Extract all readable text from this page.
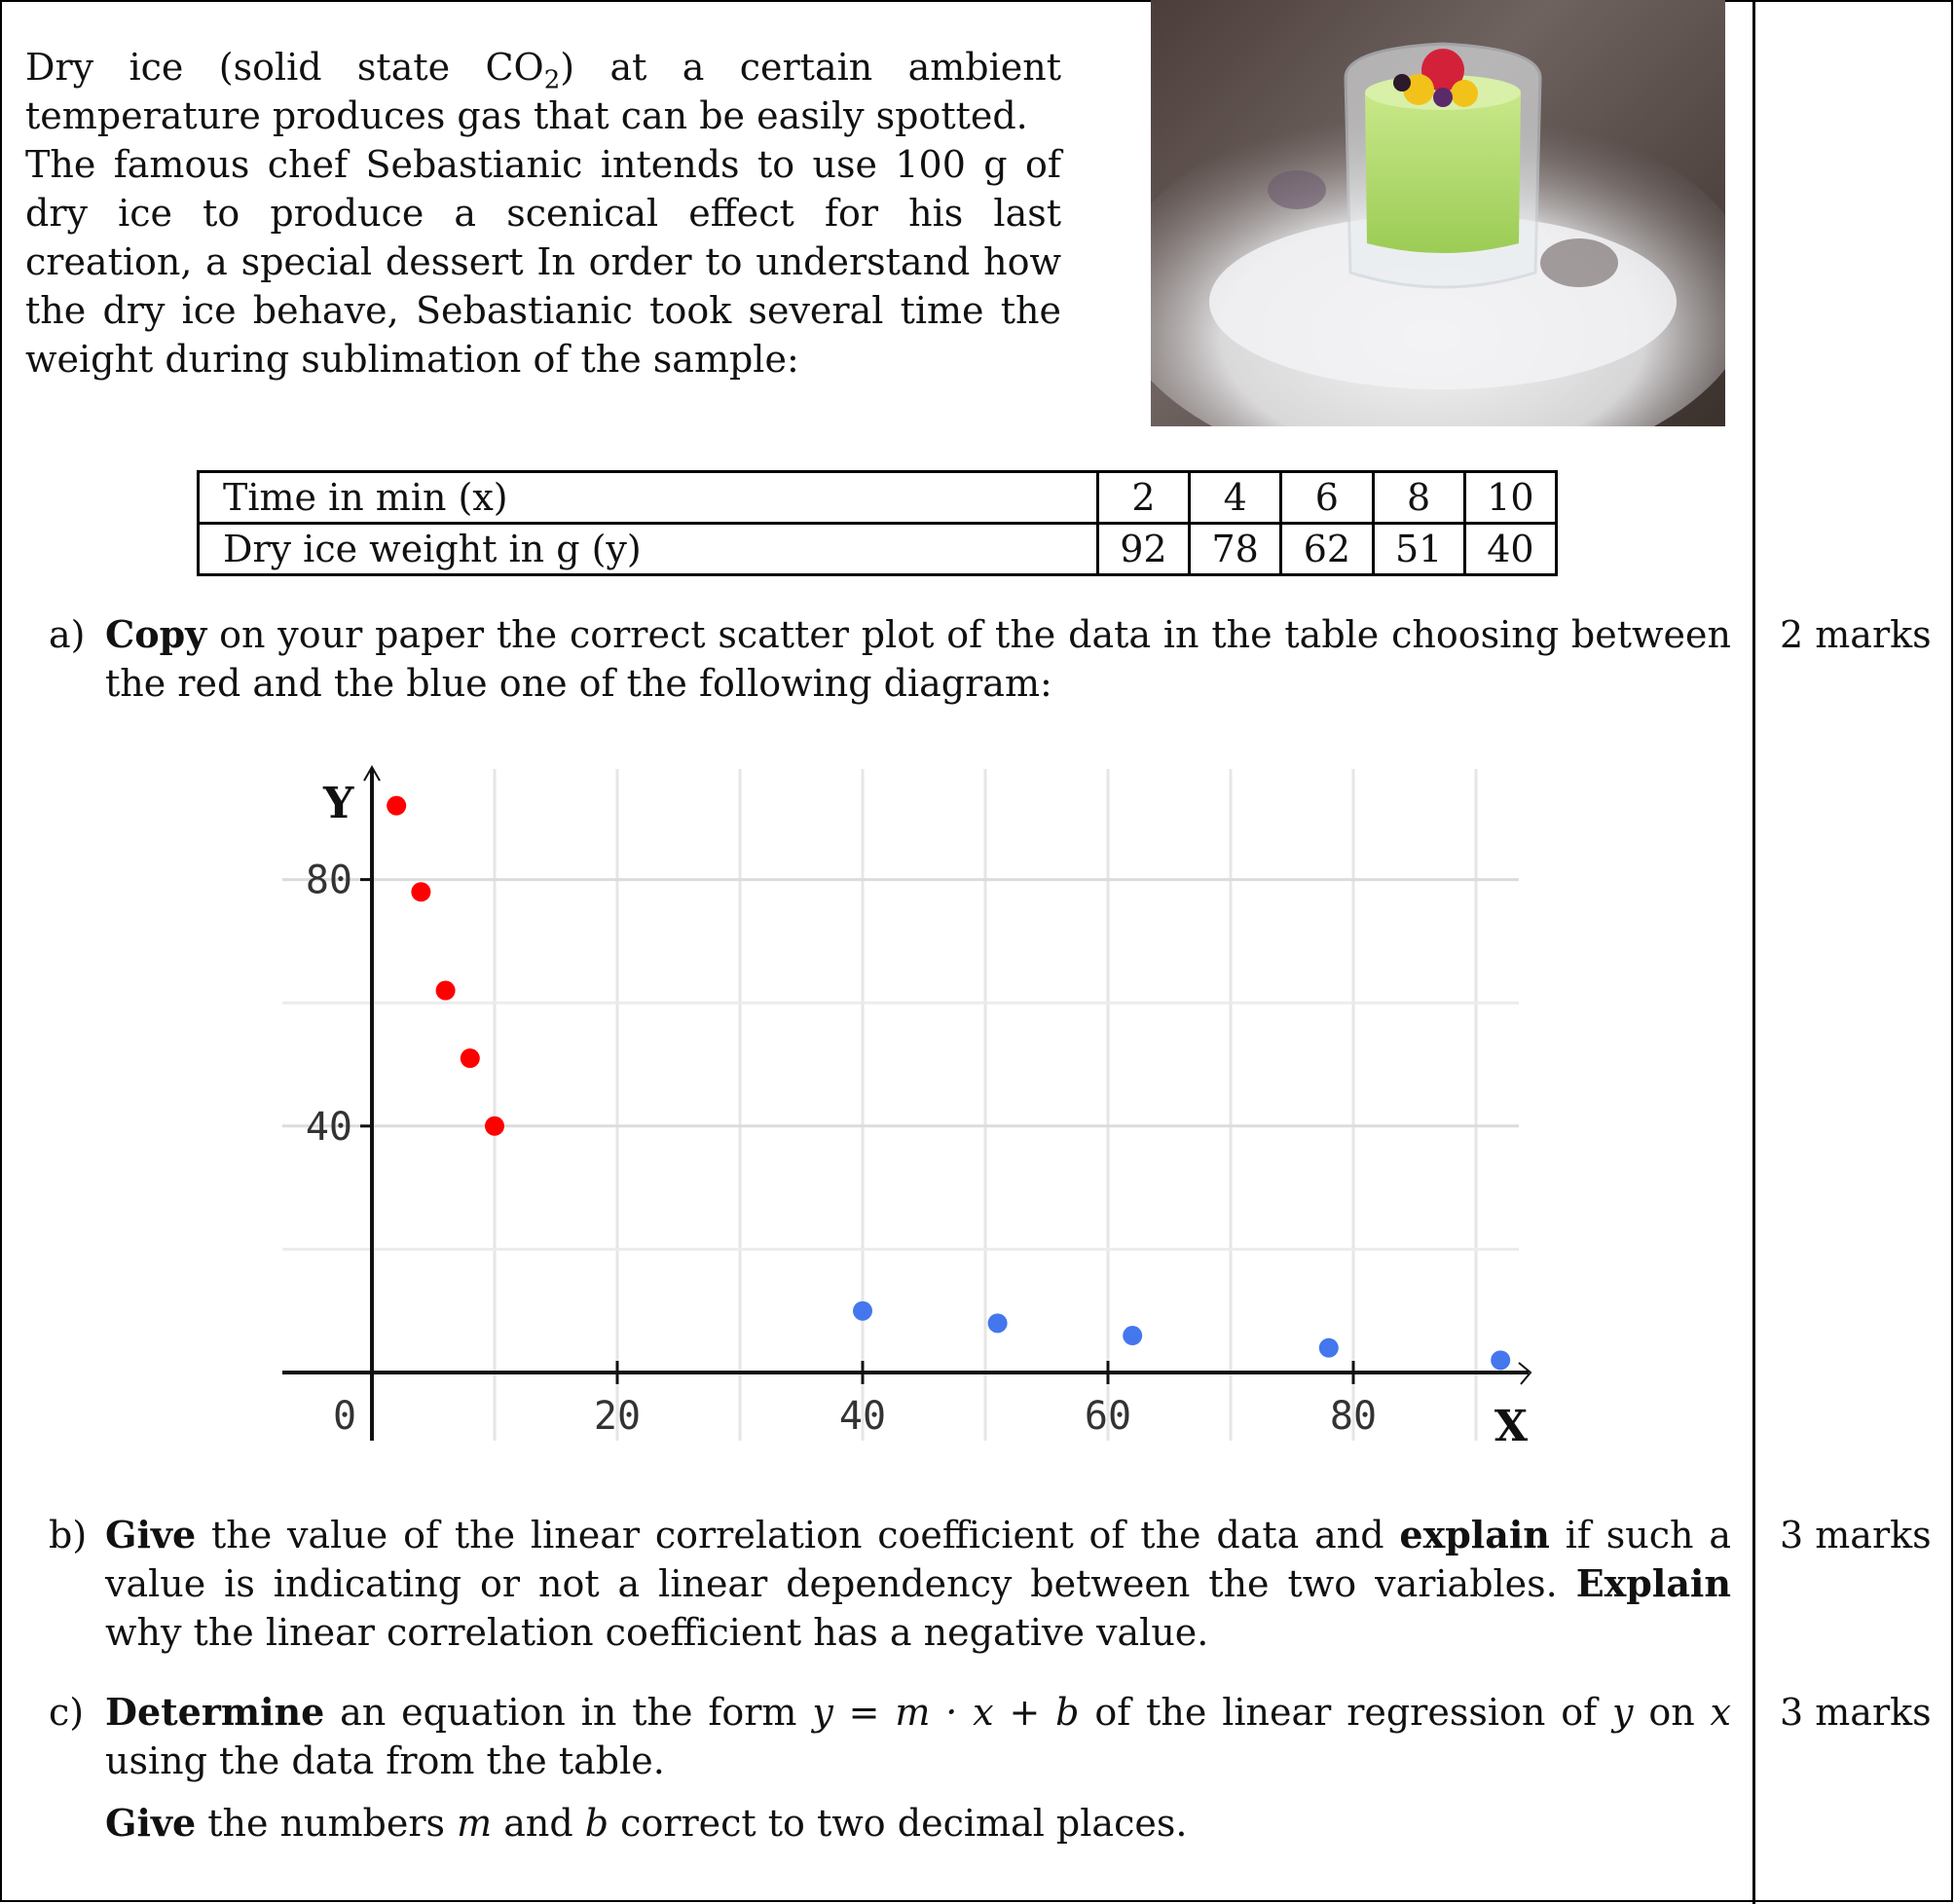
Dry ice (solid state $CO_2$) at a certain ambient temperature produces gas that can be easily spotted.

The famous chef Sebastianic intends to use 100 g of dry ice to produce a scenical effect for his last creation, a special dessert In order to understand how the dry ice behave, Sebastianic took several time the weight during sublimation of the sample:

Time in min (x)	2	4	6	8	10
Dry ice weight in g (y)	92	78	62	51	40
a) Copy on your paper the correct scatter plot of the data in the table choosing between the red and the blue one of the following diagram:
2 marks
0	20	40	60	80
40
80
X
Y
b) Give the value of the linear correlation coefficient of the data and explain if such a value is indicating or not a linear dependency between the two variables. Explain why the linear correlation coefficient has a negative value.
3 marks
c) Determine an equation in the form y = m · x + b of the linear regression of y on x using the data from the table.

Give the numbers m and b correct to two decimal places.

3 marks
